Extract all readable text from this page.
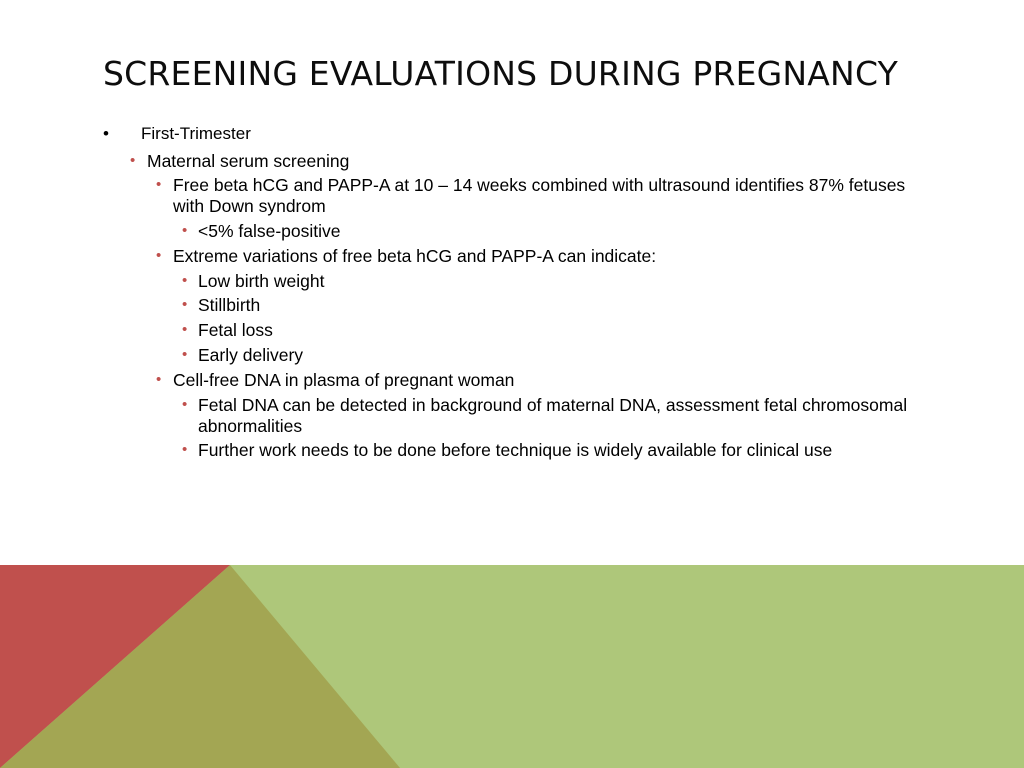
SCREENING EVALUATIONS DURING PREGNANCY
• First-Trimester
• Maternal serum screening
• Free beta hCG and PAPP-A at 10 – 14 weeks combined with ultrasound identifies 87% fetuses with Down syndrom
• <5% false-positive
• Extreme variations of free beta hCG and PAPP-A can indicate:
• Low birth weight
• Stillbirth
• Fetal loss
• Early delivery
• Cell-free DNA in plasma of pregnant woman
• Fetal DNA can be detected in background of maternal DNA, assessment fetal chromosomal abnormalities
• Further work needs to be done before technique is widely available for clinical use
